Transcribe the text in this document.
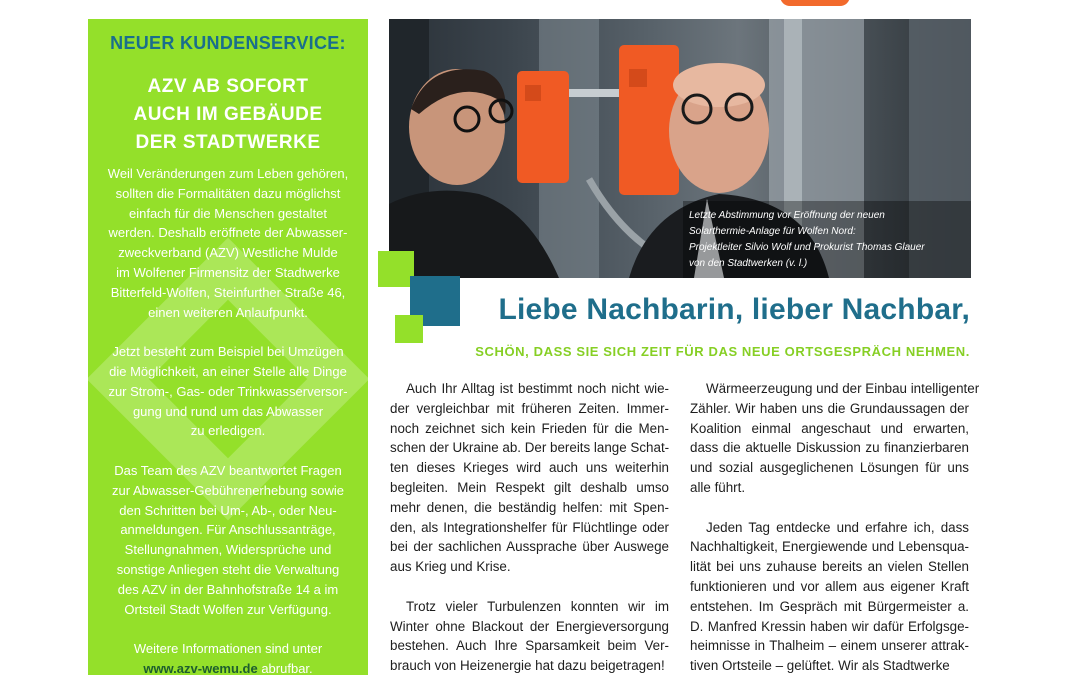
NEUER KUNDENSERVICE:
AZV AB SOFORT
AUCH IM GEBÄUDE
DER STADTWERKE

Weil Veränderungen zum Leben gehören,
sollten die Formalitäten dazu möglichst
einfach für die Menschen gestaltet
werden. Deshalb eröffnete der Abwasser-
zweckverband (AZV) Westliche Mulde
im Wolfener Firmensitz der Stadtwerke
Bitterfeld-Wolfen, Steinfurther Straße 46,
einen weiteren Anlaufpunkt.

Jetzt besteht zum Beispiel bei Umzügen
die Möglichkeit, an einer Stelle alle Dinge
zur Strom-, Gas- oder Trinkwasserversor-
gung und rund um das Abwasser
zu erledigen.

Das Team des AZV beantwortet Fragen
zur Abwasser-Gebührenerhebung sowie
den Schritten bei Um-, Ab-, oder Neu-
anmeldungen. Für Anschlussanträge,
Stellungnahmen, Widersprüche und
sonstige Anliegen steht die Verwaltung
des AZV in der Bahnhofstraße 14 a im
Ortsteil Stadt Wolfen zur Verfügung.

Weitere Informationen sind unter
www.azv-wemu.de abrufbar.

Letzte Abstimmung vor Eröffnung der neuen
Solarthermie-Anlage für Wolfen Nord:
Projektleiter Silvio Wolf und Prokurist Thomas Glauer
von den Stadtwerken (v. l.)
Liebe Nachbarin, lieber Nachbar,
SCHÖN, DASS SIE SICH ZEIT FÜR DAS NEUE ORTSGESPRÄCH NEHMEN.

Auch Ihr Alltag ist bestimmt noch nicht wie-
der vergleichbar mit früheren Zeiten. Immer-
noch zeichnet sich kein Frieden für die Men-
schen der Ukraine ab. Der bereits lange Schat-
ten dieses Krieges wird auch uns weiterhin
begleiten. Mein Respekt gilt deshalb umso
mehr denen, die beständig helfen: mit Spen-
den, als Integrationshelfer für Flüchtlinge oder
bei der sachlichen Aussprache über Auswege
aus Krieg und Krise.

Trotz vieler Turbulenzen konnten wir im
Winter ohne Blackout der Energieversorgung
bestehen. Auch Ihre Sparsamkeit beim Ver-
brauch von Heizenergie hat dazu beigetragen!

Wärmeerzeugung und der Einbau intelligenter
Zähler. Wir haben uns die Grundaussagen der
Koalition einmal angeschaut und erwarten,
dass die aktuelle Diskussion zu finanzierbaren
und sozial ausgeglichenen Lösungen für uns
alle führt.

Jeden Tag entdecke und erfahre ich, dass
Nachhaltigkeit, Energiewende und Lebensqua-
lität bei uns zuhause bereits an vielen Stellen
funktionieren und vor allem aus eigener Kraft
entstehen. Im Gespräch mit Bürgermeister a.
D. Manfred Kressin haben wir dafür Erfolgsge-
heimnisse in Thalheim – einem unserer attrak-
tiven Ortsteile – gelüftet. Wir als Stadtwerke
